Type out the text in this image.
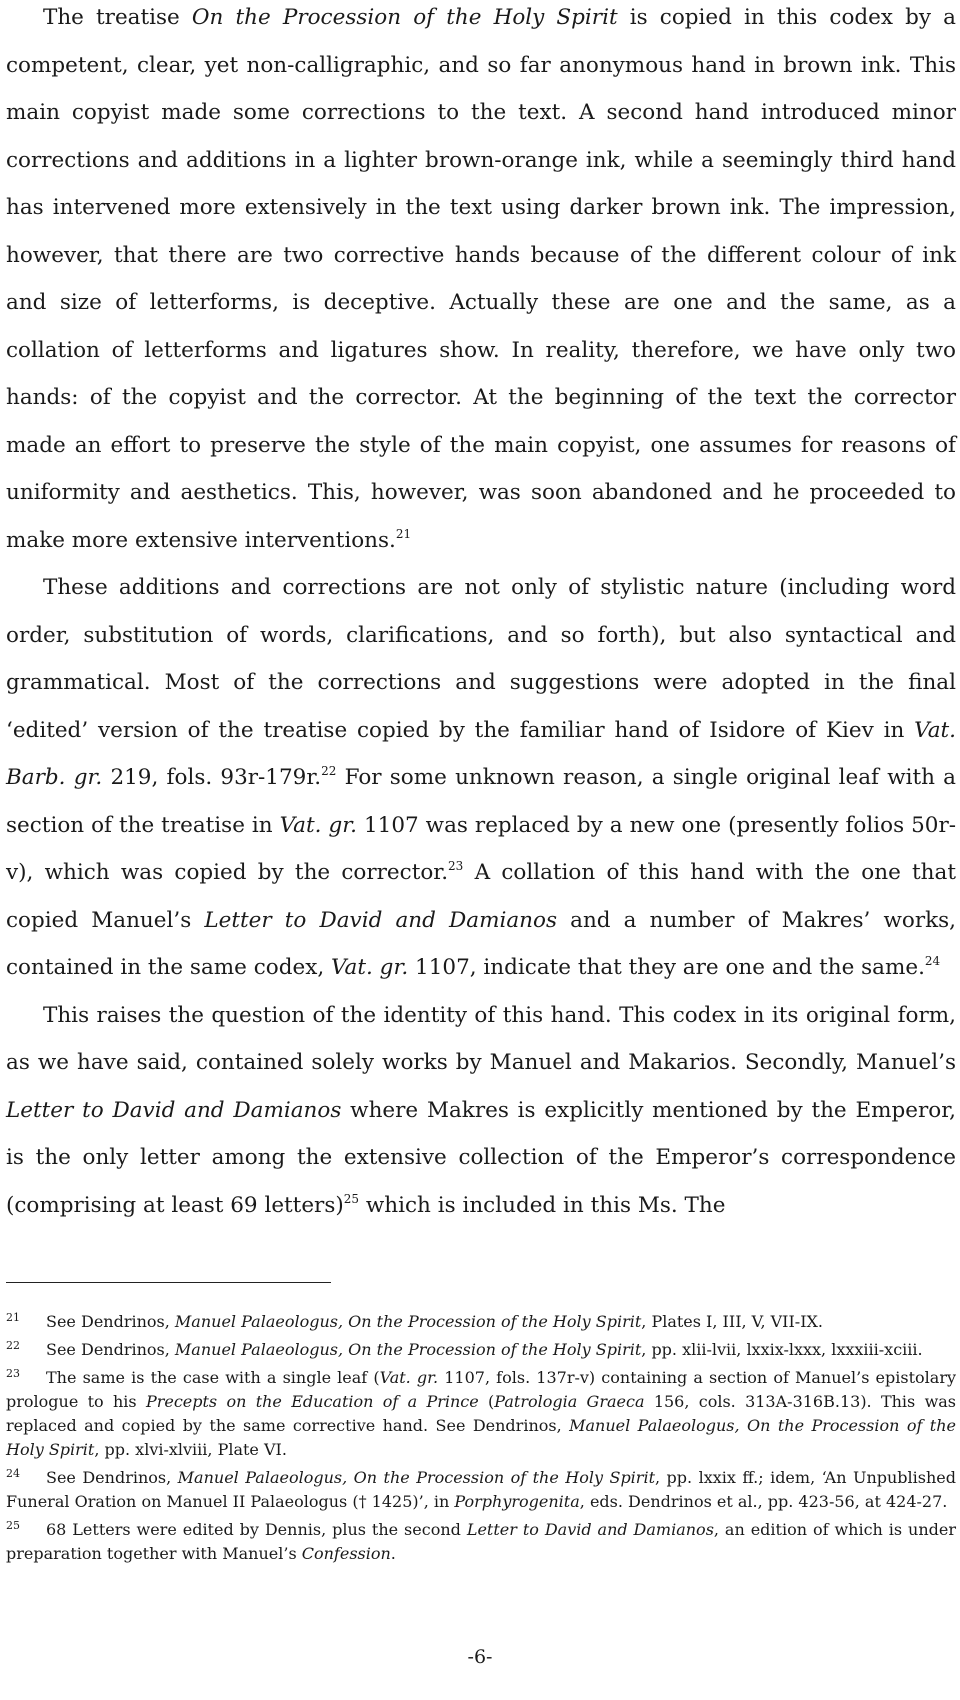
The treatise On the Procession of the Holy Spirit is copied in this codex by a competent, clear, yet non-calligraphic, and so far anonymous hand in brown ink. This main copyist made some corrections to the text. A second hand introduced minor corrections and additions in a lighter brown-orange ink, while a seemingly third hand has intervened more extensively in the text using darker brown ink. The impression, however, that there are two corrective hands because of the different colour of ink and size of letterforms, is deceptive. Actually these are one and the same, as a collation of letterforms and ligatures show. In reality, therefore, we have only two hands: of the copyist and the corrector. At the beginning of the text the corrector made an effort to preserve the style of the main copyist, one assumes for reasons of uniformity and aesthetics. This, however, was soon abandoned and he proceeded to make more extensive interventions.$^{21}$

These additions and corrections are not only of stylistic nature (including word order, substitution of words, clarifications, and so forth), but also syntactical and grammatical. Most of the corrections and suggestions were adopted in the final ‘edited’ version of the treatise copied by the familiar hand of Isidore of Kiev in Vat. Barb. gr. 219, fols. 93r-179r.$^{22}$ For some unknown reason, a single original leaf with a section of the treatise in Vat. gr. 1107 was replaced by a new one (presently folios 50r-v), which was copied by the corrector.$^{23}$ A collation of this hand with the one that copied Manuel’s Letter to David and Damianos and a number of Makres’ works, contained in the same codex, Vat. gr. 1107, indicate that they are one and the same.$^{24}$

This raises the question of the identity of this hand. This codex in its original form, as we have said, contained solely works by Manuel and Makarios. Secondly, Manuel’s Letter to David and Damianos where Makres is explicitly mentioned by the Emperor, is the only letter among the extensive collection of the Emperor’s correspondence (comprising at least 69 letters)$^{25}$ which is included in this Ms. The

21 See Dendrinos, Manuel Palaeologus, On the Procession of the Holy Spirit, Plates I, III, V, VII-IX.
22 See Dendrinos, Manuel Palaeologus, On the Procession of the Holy Spirit, pp. xlii-lvii, lxxix-lxxx, lxxxiii-xciii.
23 The same is the case with a single leaf (Vat. gr. 1107, fols. 137r-v) containing a section of Manuel’s epistolary prologue to his Precepts on the Education of a Prince (Patrologia Graeca 156, cols. 313A-316B.13). This was replaced and copied by the same corrective hand. See Dendrinos, Manuel Palaeologus, On the Procession of the Holy Spirit, pp. xlvi-xlviii, Plate VI.
24 See Dendrinos, Manuel Palaeologus, On the Procession of the Holy Spirit, pp. lxxix ff.; idem, ‘An Unpublished Funeral Oration on Manuel II Palaeologus († 1425)’, in Porphyrogenita, eds. Dendrinos et al., pp. 423-56, at 424-27.
25 68 Letters were edited by Dennis, plus the second Letter to David and Damianos, an edition of which is under preparation together with Manuel’s Confession.
-6-
